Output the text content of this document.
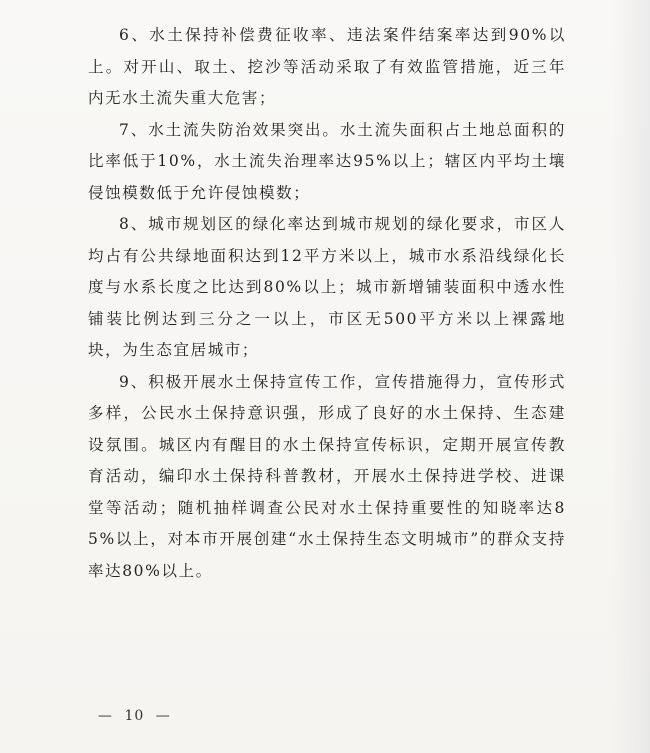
6、水土保持补偿费征收率、违法案件结案率达到90%以上。对开山、取土、挖沙等活动采取了有效监管措施，近三年内无水土流失重大危害；

7、水土流失防治效果突出。水土流失面积占土地总面积的比率低于10%，水土流失治理率达95%以上；辖区内平均土壤侵蚀模数低于允许侵蚀模数；

8、城市规划区的绿化率达到城市规划的绿化要求，市区人均占有公共绿地面积达到12平方米以上，城市水系沿线绿化长度与水系长度之比达到80%以上；城市新增铺装面积中透水性铺装比例达到三分之一以上，市区无500平方米以上裸露地块，为生态宜居城市；

9、积极开展水土保持宣传工作，宣传措施得力，宣传形式多样，公民水土保持意识强，形成了良好的水土保持、生态建设氛围。城区内有醒目的水土保持宣传标识，定期开展宣传教育活动，编印水土保持科普教材，开展水土保持进学校、进课堂等活动；随机抽样调查公民对水土保持重要性的知晓率达85%以上，对本市开展创建“水土保持生态文明城市”的群众支持率达80%以上。

— 10 —
